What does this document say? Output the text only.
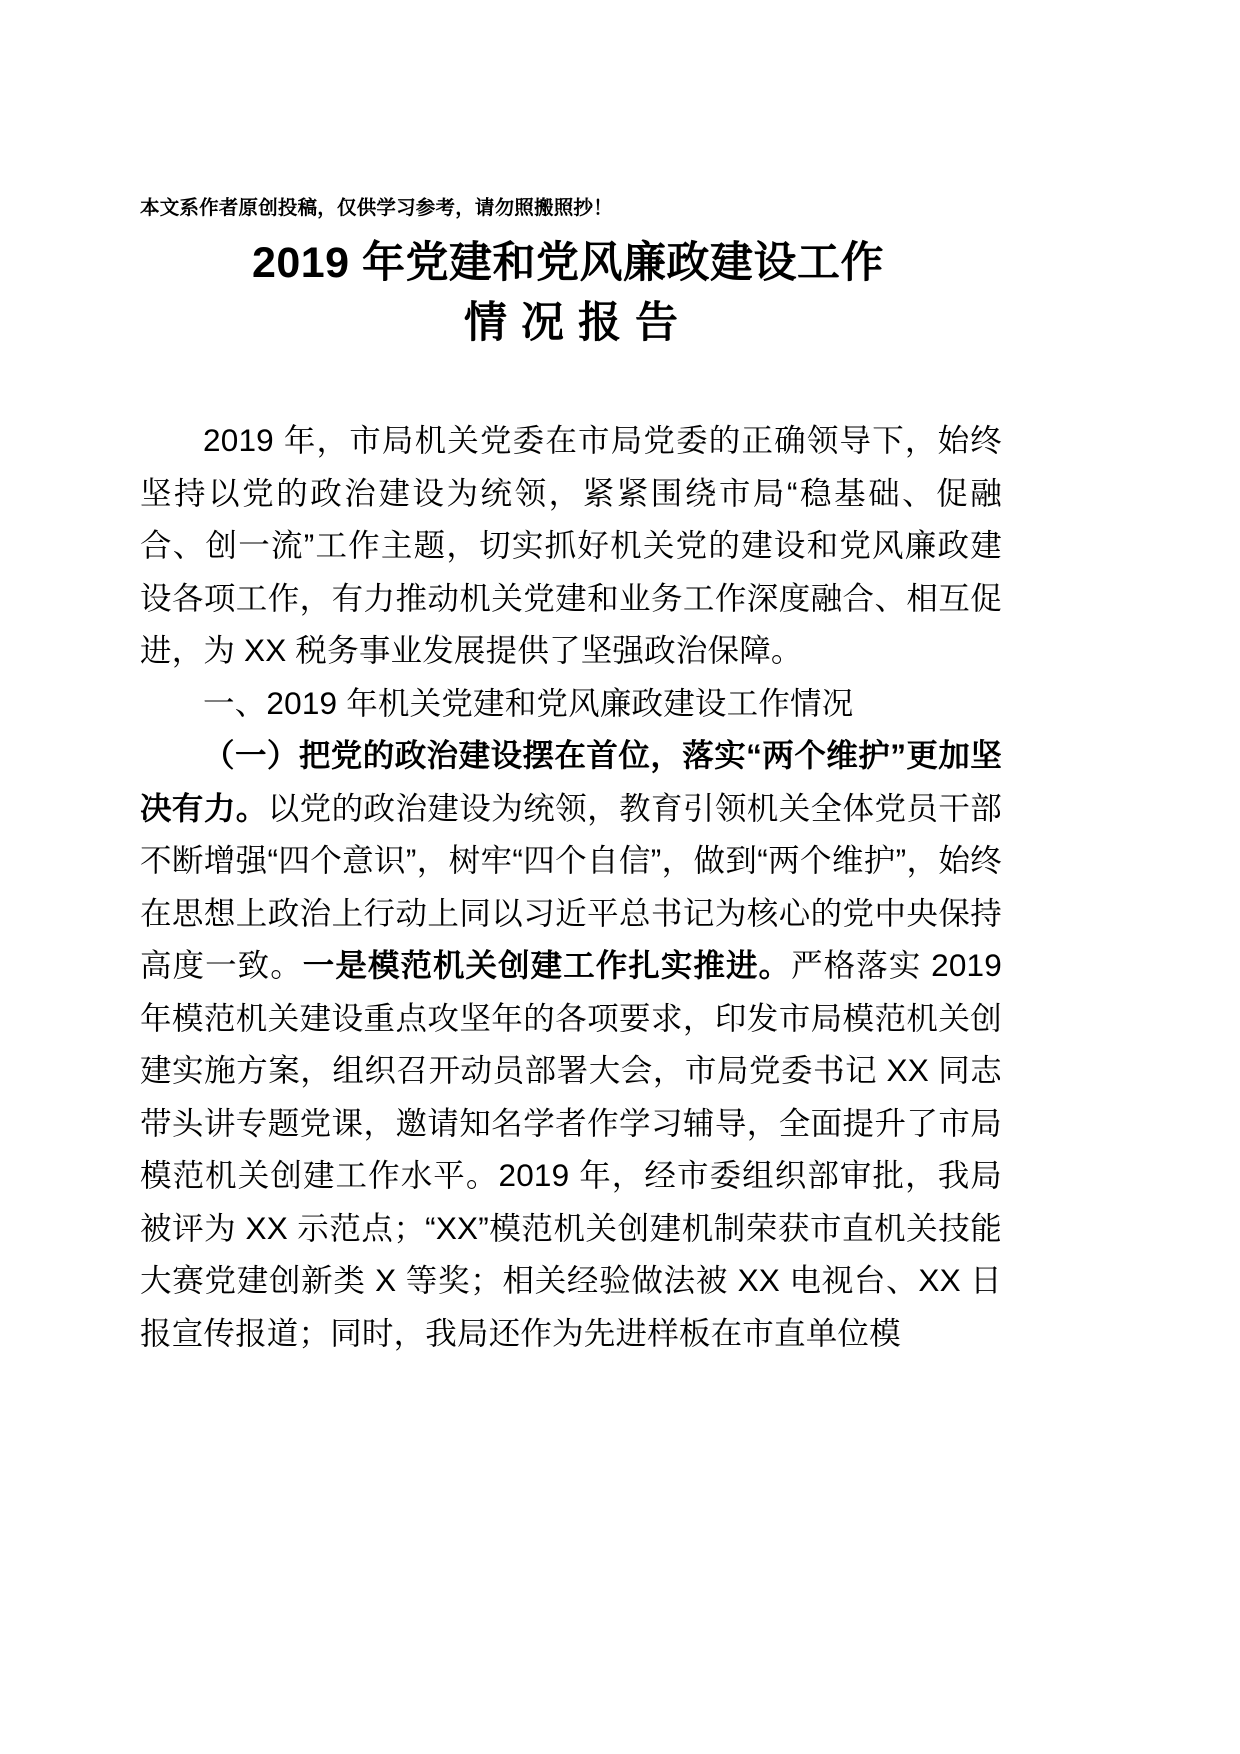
本文系作者原创投稿，仅供学习参考，请勿照搬照抄！
2019 年党建和党风廉政建设工作
情况报告

2019 年，市局机关党委在市局党委的正确领导下，始终坚持以党的政治建设为统领，紧紧围绕市局“稳基础、促融合、创一流”工作主题，切实抓好机关党的建设和党风廉政建设各项工作，有力推动机关党建和业务工作深度融合、相互促进，为 XX 税务事业发展提供了坚强政治保障。

一、2019 年机关党建和党风廉政建设工作情况

（一）把党的政治建设摆在首位，落实“两个维护”更加坚决有力。以党的政治建设为统领，教育引领机关全体党员干部不断增强“四个意识”，树牢“四个自信”，做到“两个维护”，始终在思想上政治上行动上同以习近平总书记为核心的党中央保持高度一致。一是模范机关创建工作扎实推进。严格落实 2019 年模范机关建设重点攻坚年的各项要求，印发市局模范机关创建实施方案，组织召开动员部署大会，市局党委书记 XX 同志带头讲专题党课，邀请知名学者作学习辅导，全面提升了市局模范机关创建工作水平。2019 年，经市委组织部审批，我局被评为 XX 示范点；“XX”模范机关创建机制荣获市直机关技能大赛党建创新类 X 等奖；相关经验做法被 XX 电视台、XX 日报宣传报道；同时，我局还作为先进样板在市直单位模
